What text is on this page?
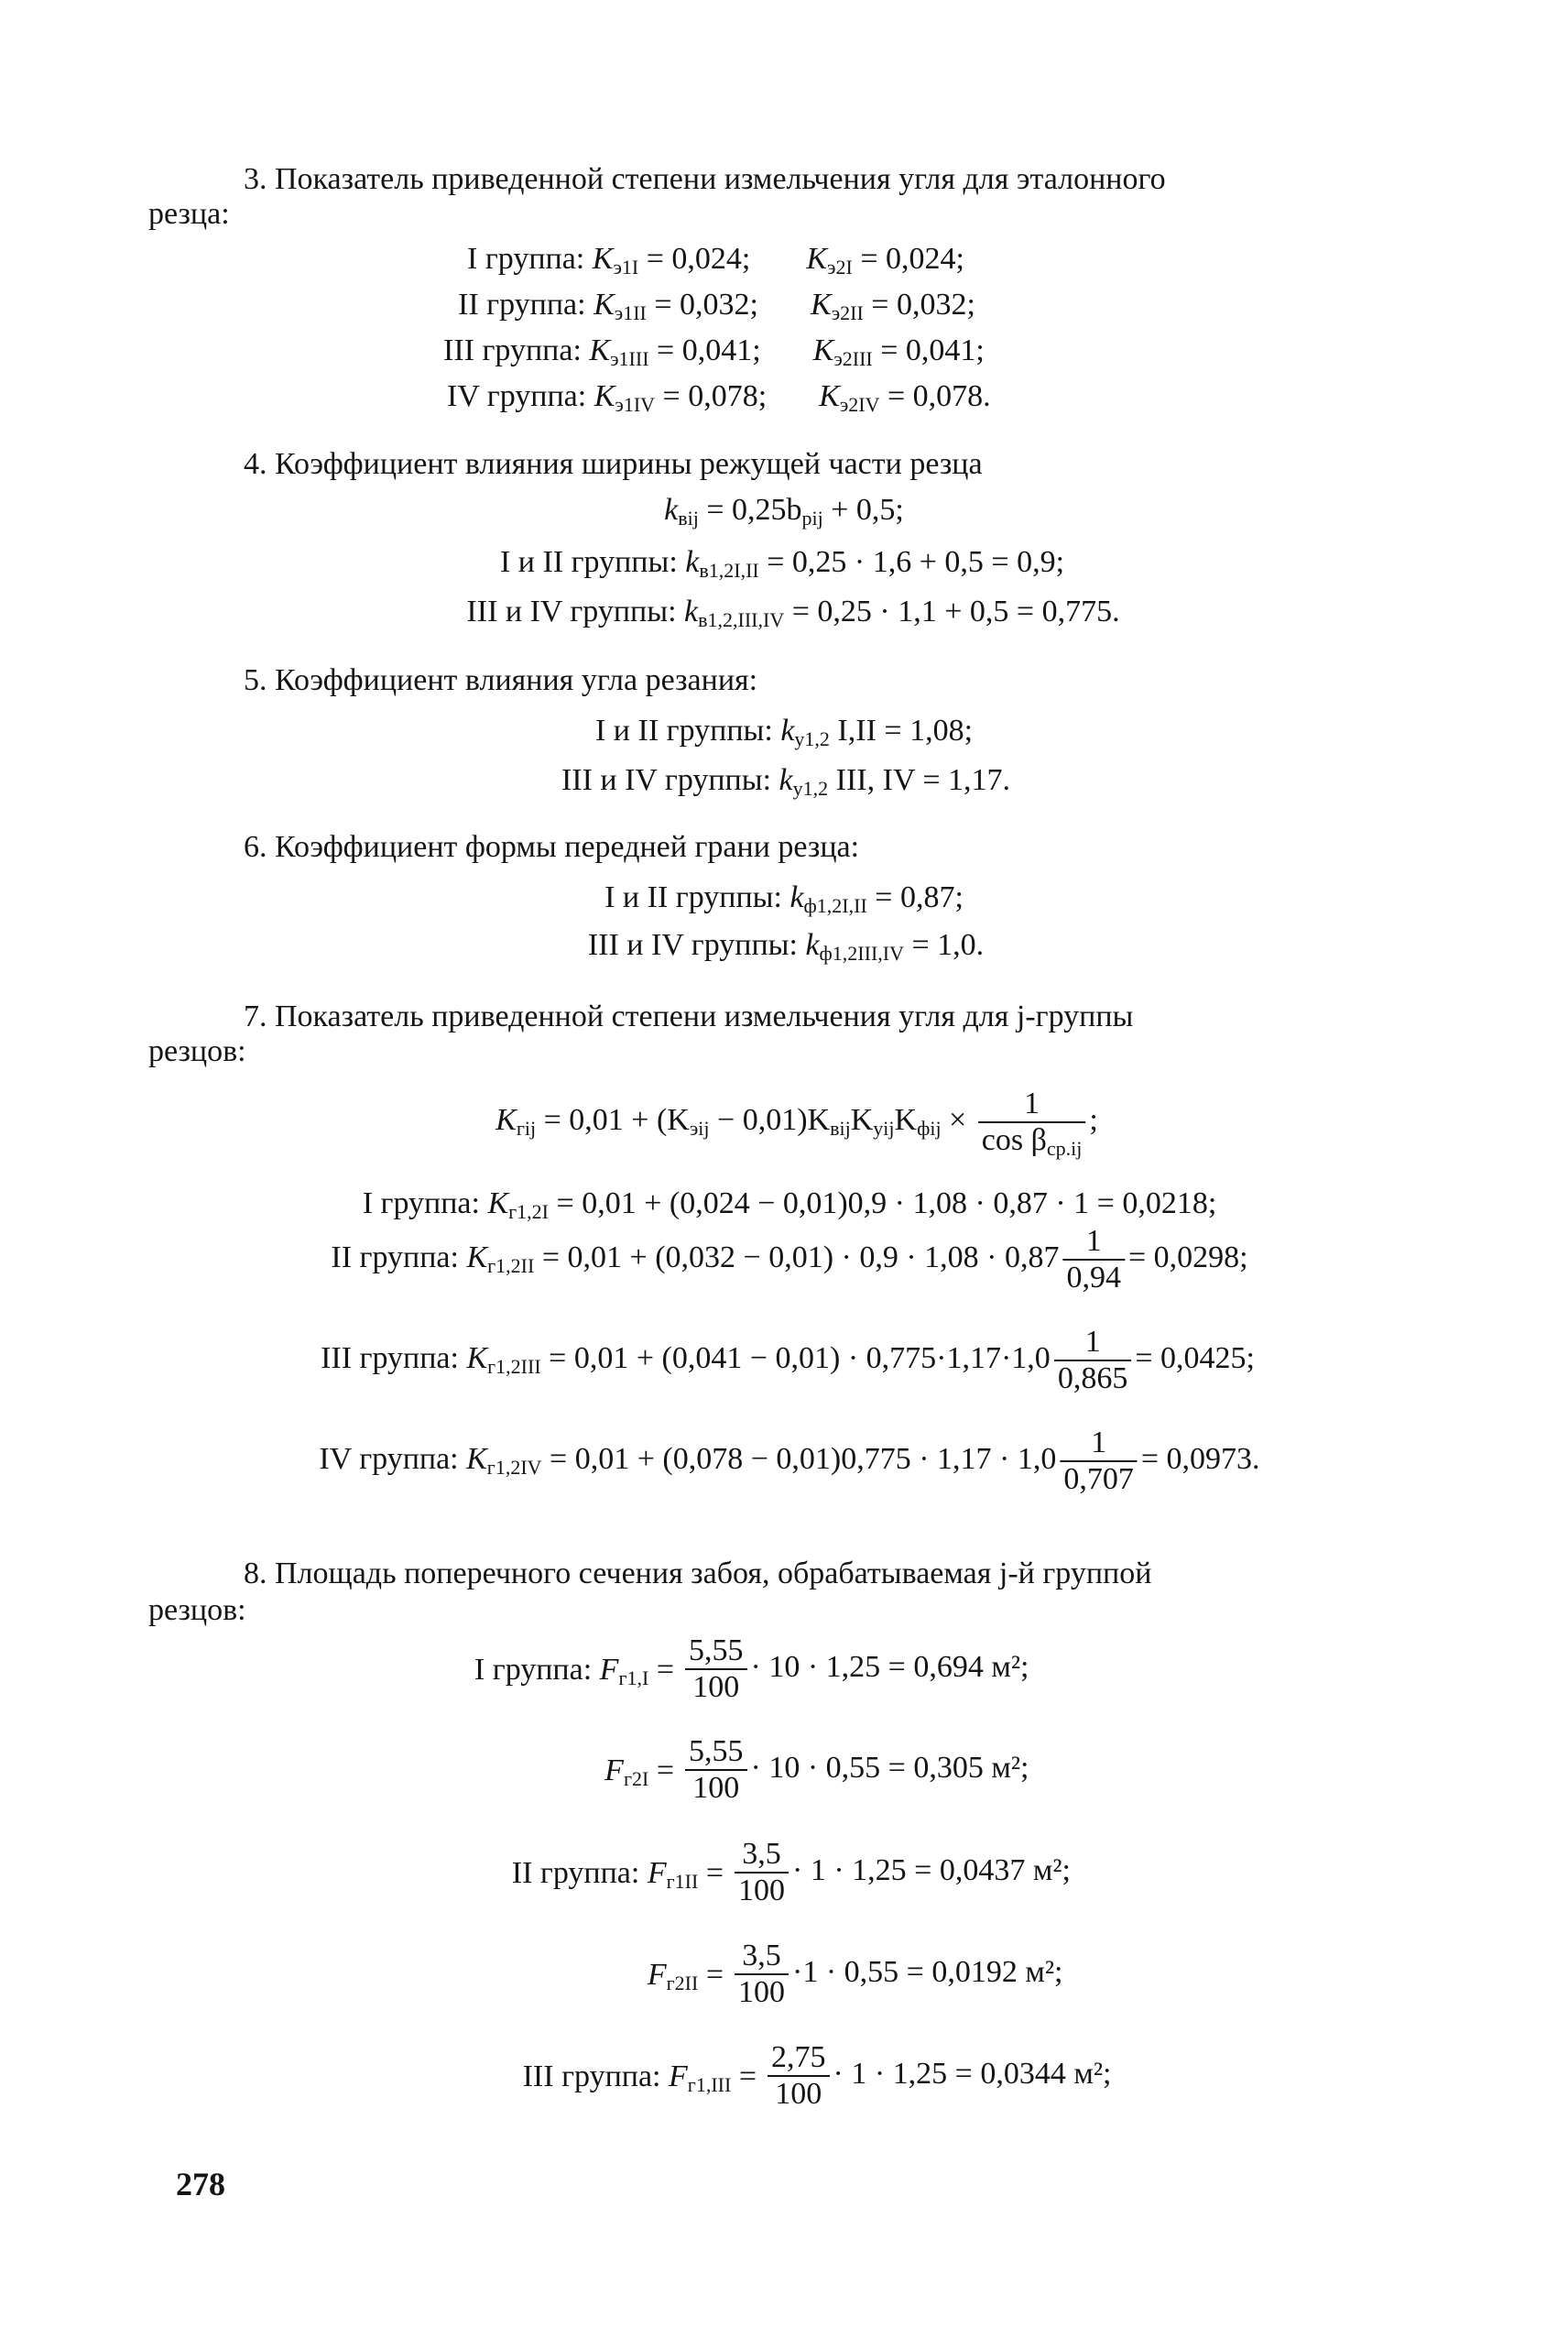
3. Показатель приведенной степени измельчения угля для эталонного
резца:
I группа: $K_{э1I} = 0,024$; $K_{э2I} = 0,024$;
II группа: $K_{э1II} = 0,032$; $K_{э2II} = 0,032$;
III группа: $K_{э1III} = 0,041$; $K_{э2III} = 0,041$;
IV группа: $K_{э1IV} = 0,078$; $K_{э2IV} = 0,078$.
4. Коэффициент влияния ширины режущей части резца
$k_{вij} = 0,25b_{pij} + 0,5$;
I и II группы: $k_{в1,2I,II} = 0,25 \cdot 1,6 + 0,5 = 0,9$;
III и IV группы: $k_{в1,2,III,IV} = 0,25 \cdot 1,1 + 0,5 = 0,775$.
5. Коэффициент влияния угла резания:
I и II группы: $k_{y1,2}$ I,II = 1,08;
III и IV группы: $k_{y1,2}$ III, IV = 1,17.
6. Коэффициент формы передней грани резца:
I и II группы: $k_{ф1,2I,II} = 0,87$;
III и IV группы: $k_{ф1,2III,IV} = 1,0$.
7. Показатель приведенной степени измельчения угля для j-группы
резцов:
$K_{гij} = 0,01 + (K_{эij} - 0,01)K_{вij}K_{yij}K_{фij} \times \frac{1}{\cos \beta_{ср.ij}}$ ;
I группа: $K_{г1,2I} = 0,01 + (0,024 - 0,01)0,9 \cdot 1,08 \cdot 0,87 \cdot 1 = 0,0218$;
II группа: $K_{г1,2II} = 0,01 + (0,032 - 0,01) \cdot 0,9 \cdot 1,08 \cdot 0,87 \frac{1}{0,94} = 0,0298$;
III группа: $K_{г1,2III} = 0,01 + (0,041 - 0,01) \cdot 0,775\cdot 1,17\cdot 1,0 \frac{1}{0,865} = 0,0425$;
IV группа: $K_{г1,2IV} = 0,01 + (0,078 - 0,01)0,775 \cdot 1,17 \cdot 1,0 \frac{1}{0,707} = 0,0973$.
8. Площадь поперечного сечения забоя, обрабатываемая j-й группой
резцов:
I группа: $F_{г1,I} = \frac{5,55}{100} \cdot 10 \cdot 1,25 = 0,694$ м²;
$F_{г2I} = \frac{5,55}{100} \cdot 10 \cdot 0,55 = 0,305$ м²;
II группа: $F_{г1II} = \frac{3,5}{100} \cdot 1 \cdot 1,25 = 0,0437$ м²;
$F_{г2II} = \frac{3,5}{100} \cdot 1 \cdot 0,55 = 0,0192$ м²;
III группа: $F_{г1,III} = \frac{2,75}{100} \cdot 1 \cdot 1,25 = 0,0344$ м²;
278
